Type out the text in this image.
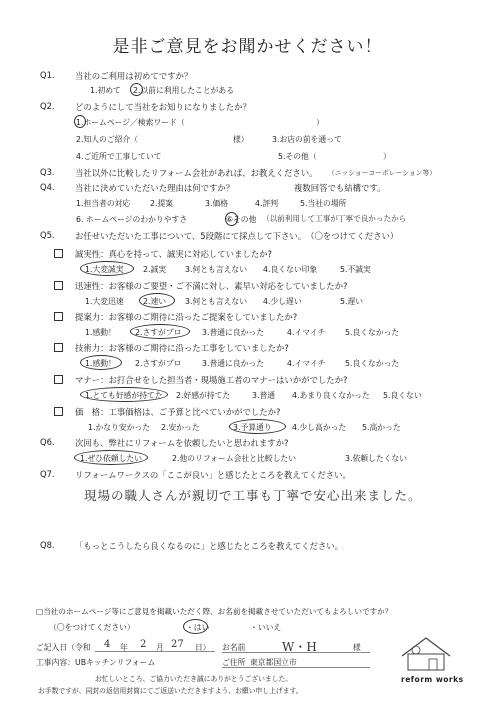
是非ご意見をお聞かせください！
Q1. 当社のご利用は初めてですか？
1.初めて 2.以前に利用したことがある
Q2. どのようにして当社をお知りになりましたか？
1.ホームページ／検索ワード（	）
2.知人のご紹介（	様）	3.お店の前を通って
4.ご近所で工事していて	5.その他（	）
Q3. 当社以外に比較したリフォーム会社があれば、お教えください。 （ニッショーコーポレーション等）
Q4. 当社に決めていただいた理由は何ですか？	複数回答でも結構です。
1.担当者の対応	2.提案	3.価格	4.評判	5.当社の場所
6. ホームページのわかりやすさ	⑥その他 （以前利用して工事が丁寧で良かったから
Q5. お任せいただいた工事について、5段階にて採点して下さい。　（〇をつけてください）
誠実性：真心を持って、誠実に対応していましたか?
1.大変誠実 2.誠実 3.何とも言えない 4.良くない印象	5.不誠実
迅速性：お客様のご要望・ご不満に対し、素早い対応をしていましたか?
1.大変迅速 2.速い 3.何とも言えない 4.少し遅い	5.遅い
提案力：お客様のご期待に沿ったご提案をしていましたか?
1.感動！ 2.さすがプロ	3.普通に良かった	4.イマイチ	5.良くなかった
技術力：お客様のご期待に沿った工事をしていましたか?
1.感動！ 2.さすがプロ	3.普通に良かった	4.イマイチ	5.良くなかった
マナー：お打合せをした担当者・現場施工者のマナーはいかがでしたか?
1.とても好感が持てた 2.好感が持てた	3.普通 4.あまり良くなかった 5.良くない
価　格：工事価格は、ご予算と比べていかがでしたか?
1.かなり安かった 2.安かった	3.予算通り	4.少し高かった 5.高かった
Q6. 次回も、弊社にリフォームを依頼したいと思われますか?
1.ぜひ依頼したい	2.他のリフォーム会社と比較したい	3.依頼したくない
Q7. リフォームワークスの「ここが良い」と感じたところを教えてください。
現場の職人さんが親切で工事も丁寧で安心出来ました。
Q8. 「もっとこうしたら良くなるのに」と感じたところを教えてください。
□当社のホームページ等にご意見を掲載いただく際、お名前を掲載させていただいてもよろしいですか？
（〇をつけてください）	・はい	・いいえ
ご記入日（令和 4 年 2 月 27 日）
工事内容：UBキッチンリフォーム
お名前	W・H	様
ご住所 東京都国立市
お忙しいところ、ご協力いただき誠にありがとうございました。
お手数ですが、同封の返信用封筒にてご返送いただきますよう、お願い申し上げます。
reform works
